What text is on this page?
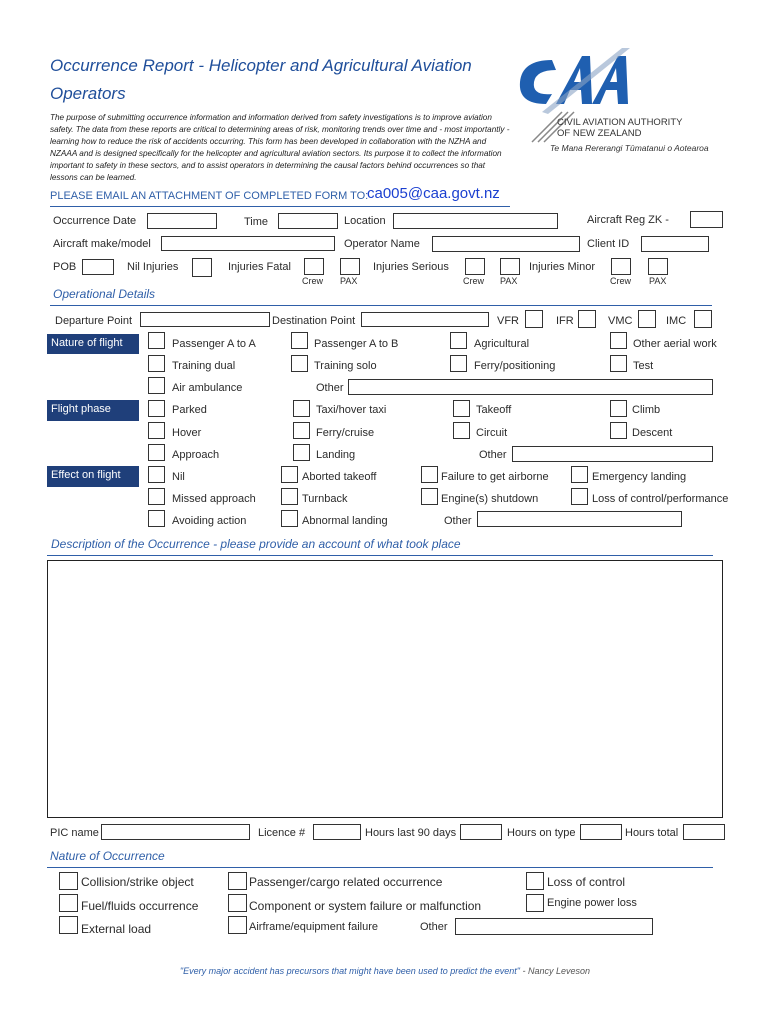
Occurrence Report - Helicopter and Agricultural Aviation
Operators
The purpose of submitting occurrence information and information derived from safety investigations is to improve aviation safety. The data from these reports are critical to determining areas of risk, monitoring trends over time and - most importantly - learning how to reduce the risk of accidents occurring. This form has been developed in collaboration with the NZHA and NZAAA and is designed specifically for the helicopter and agricultural aviation sectors. Its purpose it to collect the information important to safety in these sectors, and to assist operators in determining the causal factors behind occurrences so that lessons can be learned.
PLEASE EMAIL AN ATTACHMENT OF COMPLETED FORM TO:
ca005@caa.govt.nz
CIVIL AVIATION AUTHORITY
OF NEW ZEALAND
Te Mana Rererangi Tūmatanui o Aotearoa
Occurrence Date	Time	Location	Aircraft Reg ZK -
Aircraft make/model	Operator Name	Client ID
POB	Nil Injuries	Injuries Fatal
Crew PAX
Injuries Serious
Crew PAX
Injuries Minor
Crew PAX
Operational Details
Departure Point	Destination Point	VFR	IFR	VMC	IMC
Nature of flight	Passenger A to A	Passenger A to B	Agricultural	Other aerial work
Training dual	Training solo	Ferry/positioning	Test
Air ambulance	Other
Flight phase	Parked	Taxi/hover taxi	Takeoff	Climb
Hover	Ferry/cruise	Circuit	Descent
Approach	Landing	Other
Effect on flight	Nil	Aborted takeoff	Failure to get airborne	Emergency landing
Missed approach	Turnback	Engine(s) shutdown	Loss of control/performance
Avoiding action	Abnormal landing	Other
Description of the Occurrence - please provide an account of what took place
PIC name	Licence #	Hours last 90 days	Hours on type	Hours total
Nature of Occurrence
Collision/strike object	Passenger/cargo related occurrence	Loss of control
Fuel/fluids occurrence	Component or system failure or malfunction	Engine power loss
External load	Airframe/equipment failure	Other
"Every major accident has precursors that might have been used to predict the event" - Nancy Leveson
